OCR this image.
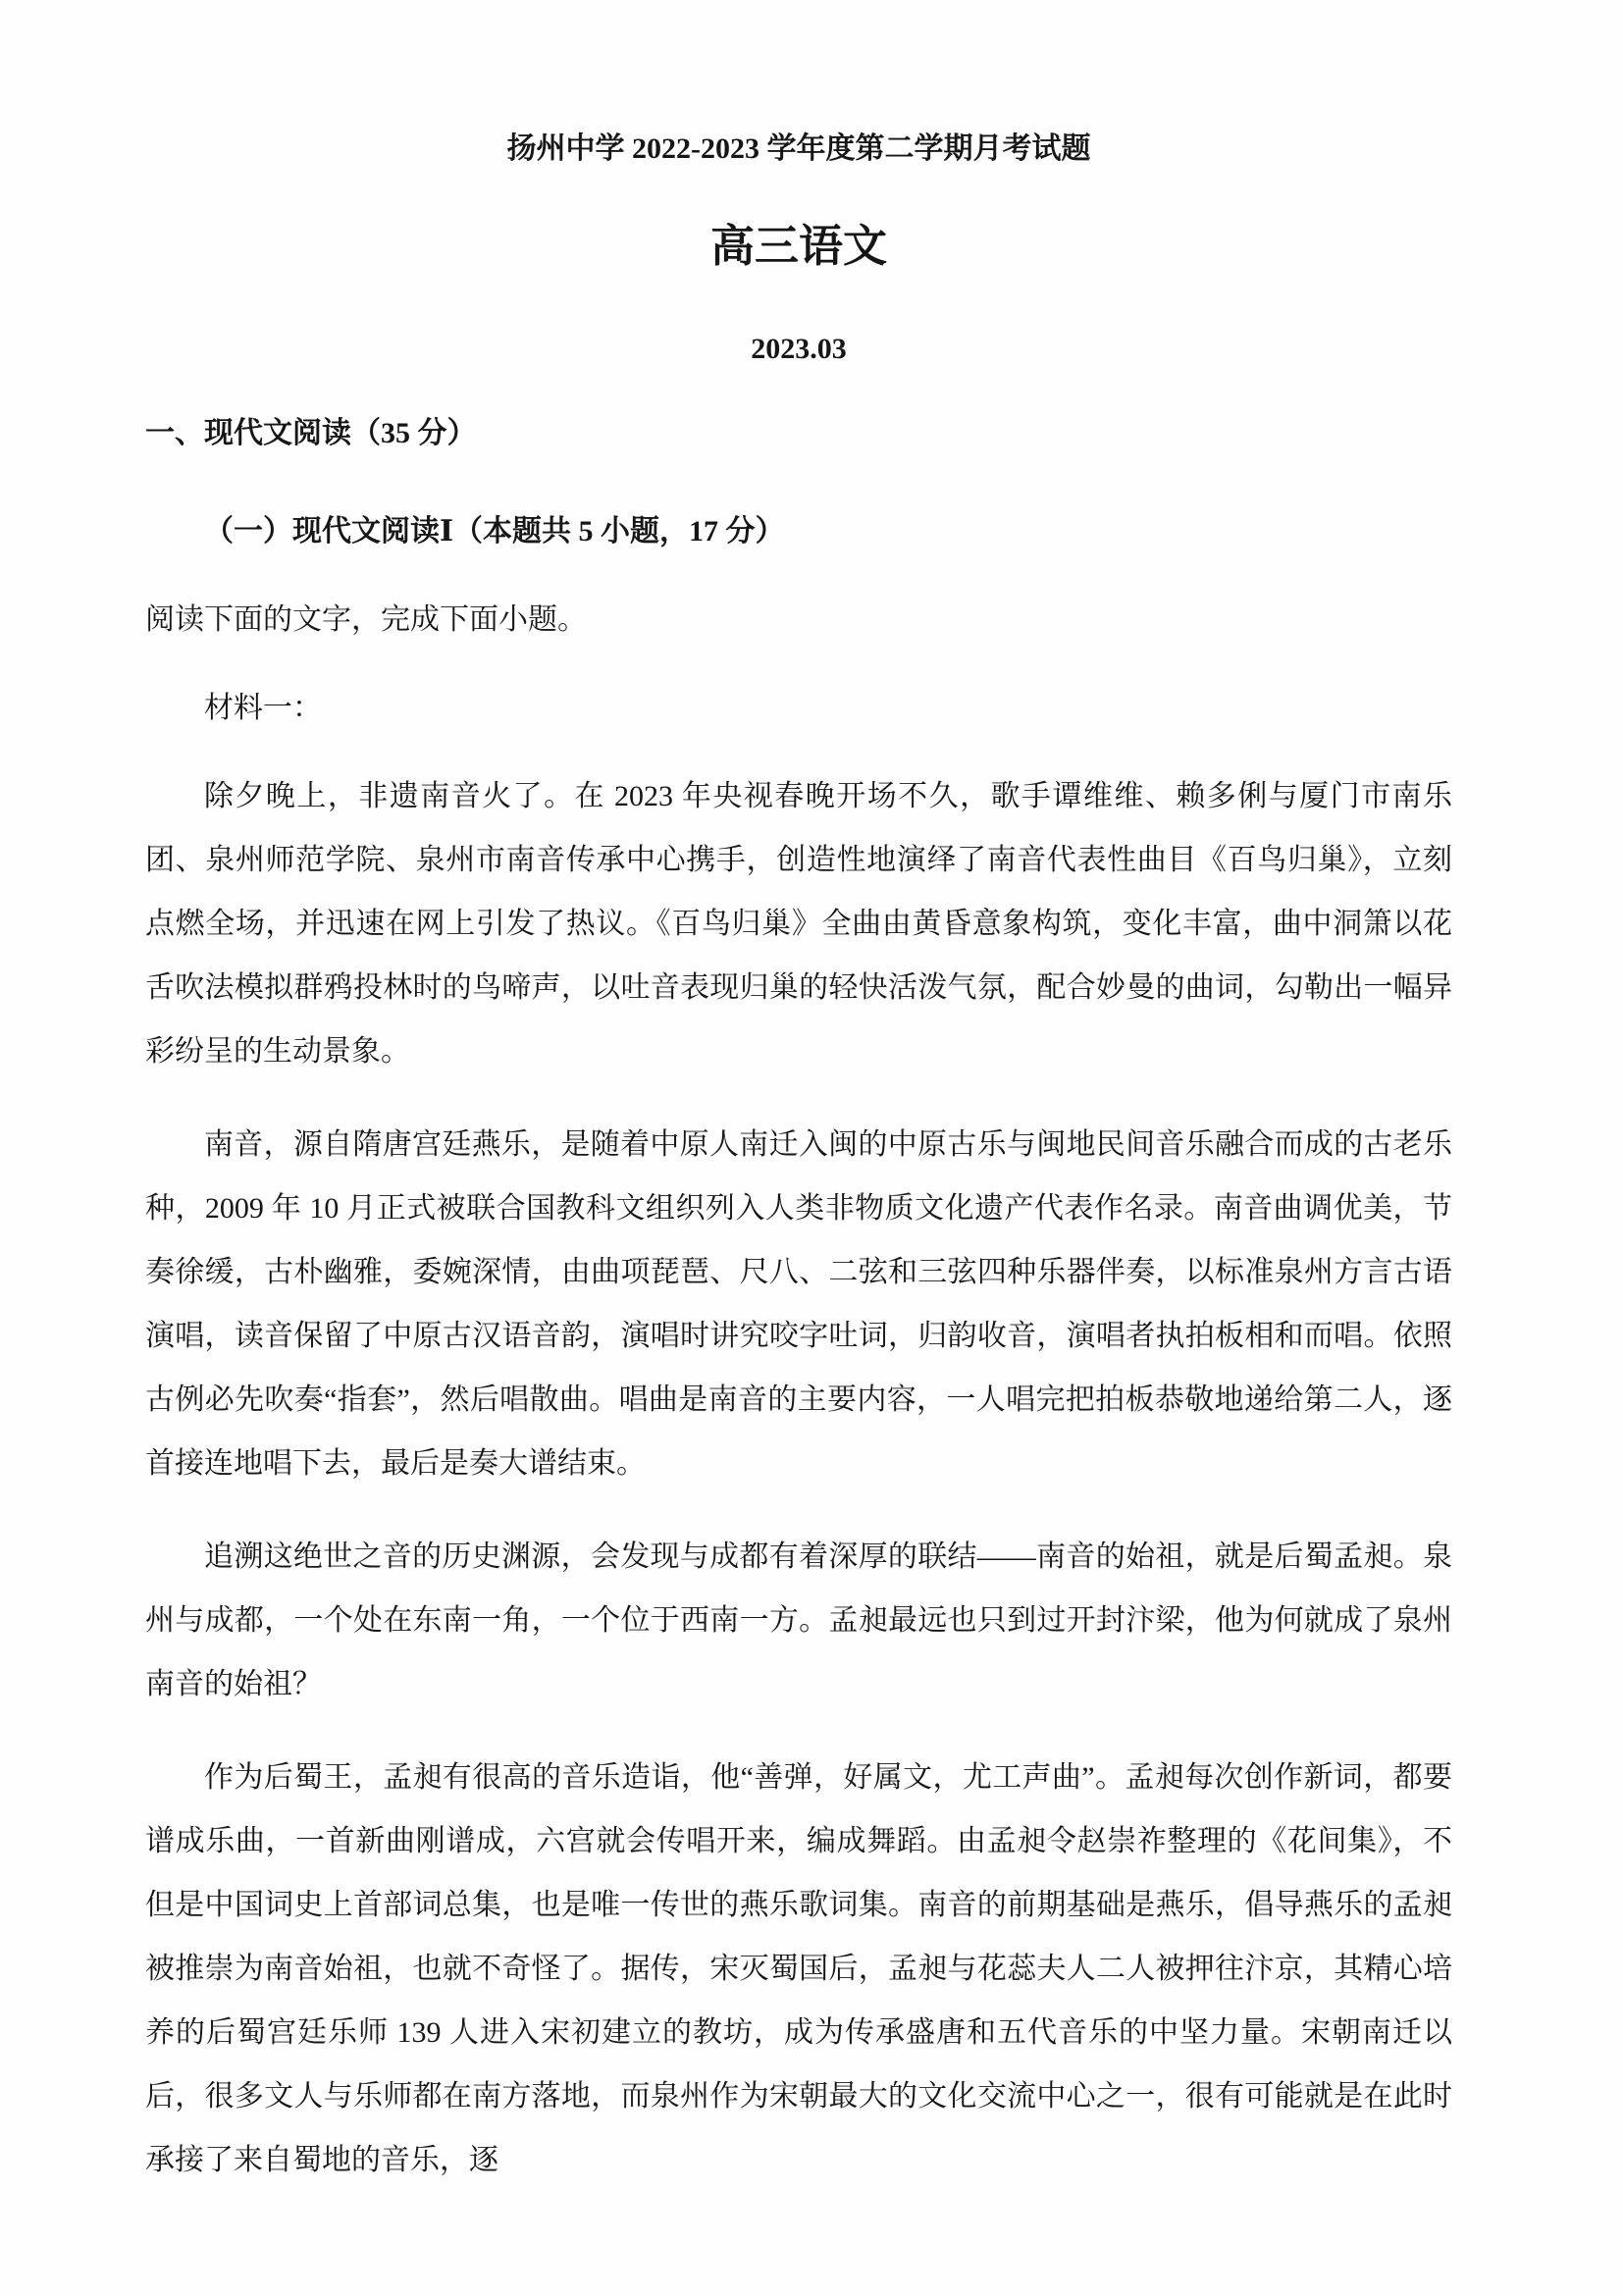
扬州中学 2022-2023 学年度第二学期月考试题
高三语文

2023.03

一、现代文阅读（35 分）
（一）现代文阅读Ⅰ（本题共 5 小题，17 分）

阅读下面的文字，完成下面小题。

材料一：

除夕晚上，非遗南音火了。在 2023 年央视春晚开场不久，歌手谭维维、赖多俐与厦门市南乐团、泉州师范学院、泉州市南音传承中心携手，创造性地演绎了南音代表性曲目《百鸟归巢》，立刻点燃全场，并迅速在网上引发了热议。《百鸟归巢》全曲由黄昏意象构筑，变化丰富，曲中洞箫以花舌吹法模拟群鸦投林时的鸟啼声，以吐音表现归巢的轻快活泼气氛，配合妙曼的曲词，勾勒出一幅异彩纷呈的生动景象。

南音，源自隋唐宫廷燕乐，是随着中原人南迁入闽的中原古乐与闽地民间音乐融合而成的古老乐种，2009 年 10 月正式被联合国教科文组织列入人类非物质文化遗产代表作名录。南音曲调优美，节奏徐缓，古朴幽雅，委婉深情，由曲项琵琶、尺八、二弦和三弦四种乐器伴奏，以标准泉州方言古语演唱，读音保留了中原古汉语音韵，演唱时讲究咬字吐词，归韵收音，演唱者执拍板相和而唱。依照古例必先吹奏“指套”，然后唱散曲。唱曲是南音的主要内容，一人唱完把拍板恭敬地递给第二人，逐首接连地唱下去，最后是奏大谱结束。

追溯这绝世之音的历史渊源，会发现与成都有着深厚的联结——南音的始祖，就是后蜀孟昶。泉州与成都，一个处在东南一角，一个位于西南一方。孟昶最远也只到过开封汴梁，他为何就成了泉州南音的始祖？

作为后蜀王，孟昶有很高的音乐造诣，他“善弹，好属文，尤工声曲”。孟昶每次创作新词，都要谱成乐曲，一首新曲刚谱成，六宫就会传唱开来，编成舞蹈。由孟昶令赵崇祚整理的《花间集》，不但是中国词史上首部词总集，也是唯一传世的燕乐歌词集。南音的前期基础是燕乐，倡导燕乐的孟昶被推崇为南音始祖，也就不奇怪了。据传，宋灭蜀国后，孟昶与花蕊夫人二人被押往汴京，其精心培养的后蜀宫廷乐师 139 人进入宋初建立的教坊，成为传承盛唐和五代音乐的中坚力量。宋朝南迁以后，很多文人与乐师都在南方落地，而泉州作为宋朝最大的文化交流中心之一，很有可能就是在此时承接了来自蜀地的音乐，逐
